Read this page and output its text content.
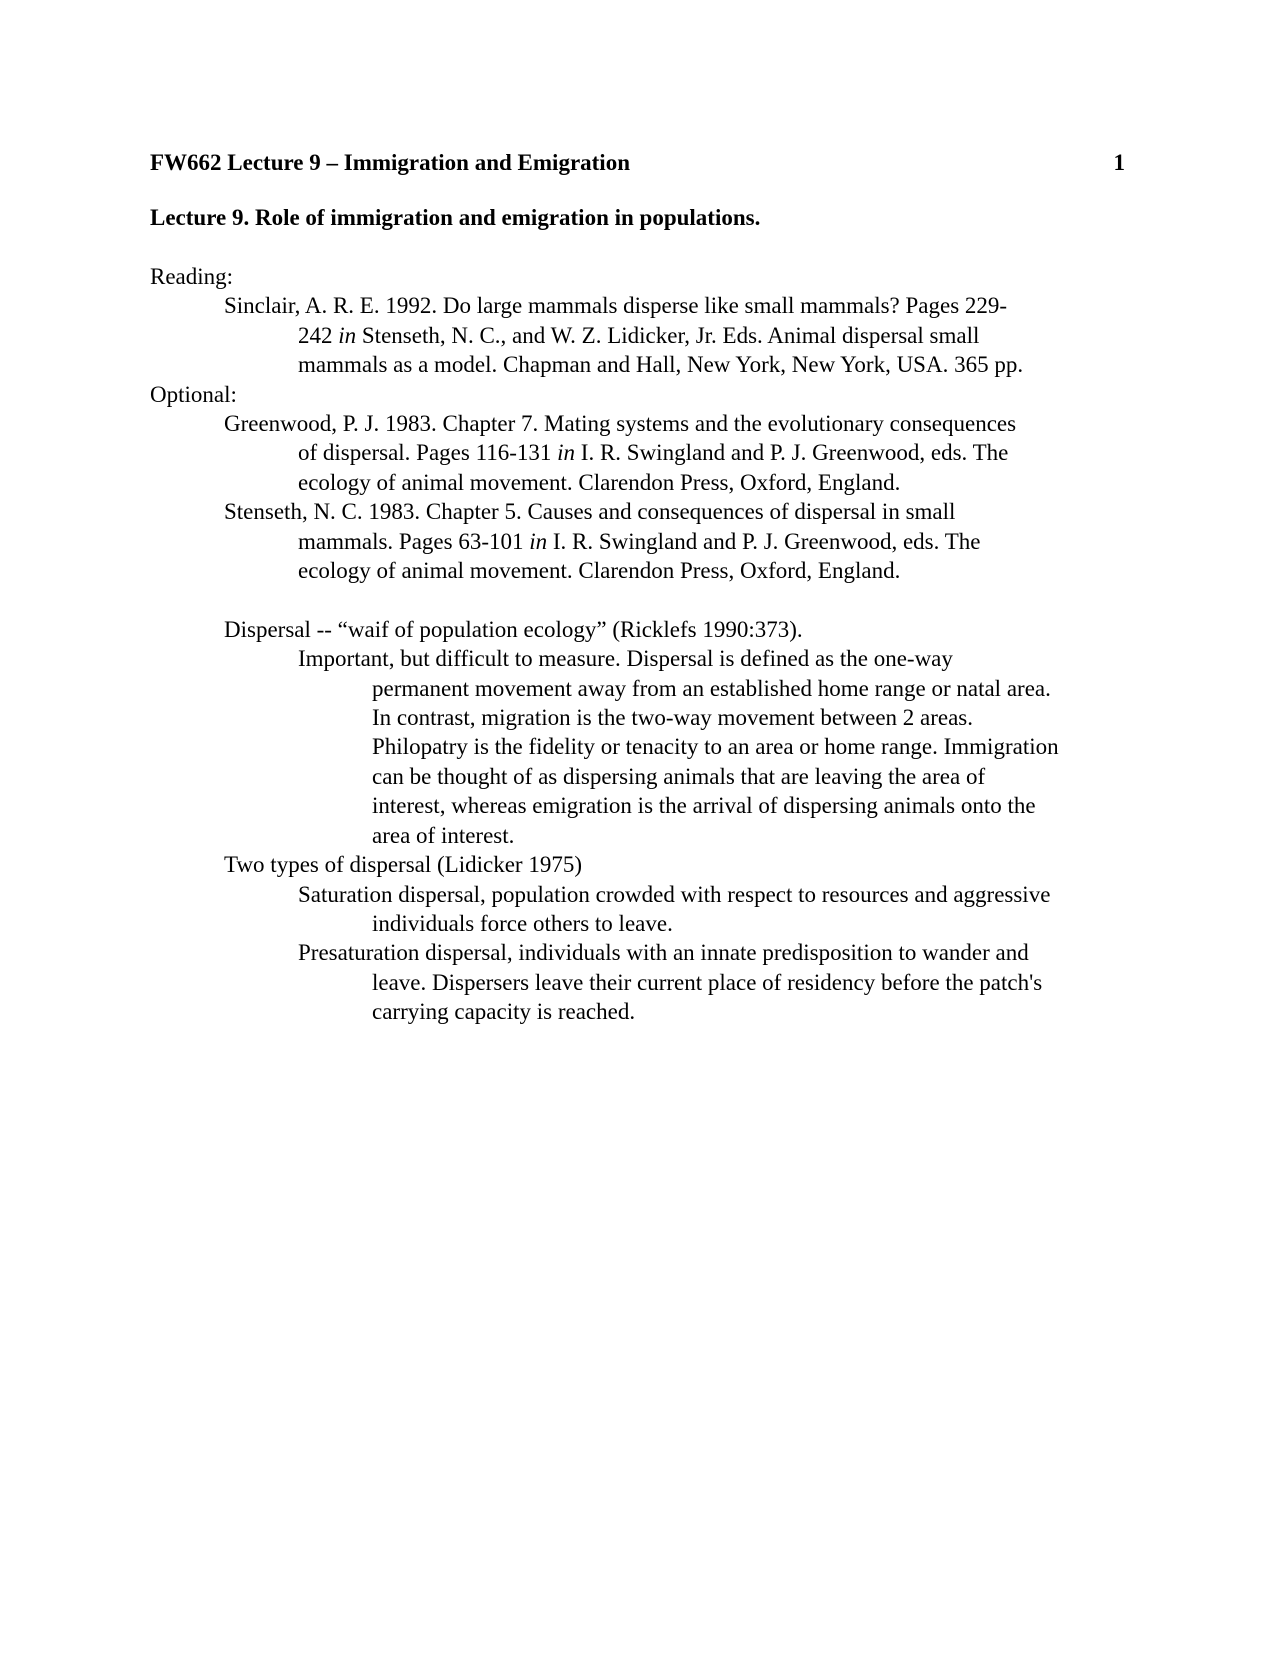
FW662 Lecture 9 – Immigration and Emigration	1
Lecture 9. Role of immigration and emigration in populations.
Reading:
Sinclair, A. R. E. 1992. Do large mammals disperse like small mammals? Pages 229-
242 in Stenseth, N. C., and W. Z. Lidicker, Jr. Eds. Animal dispersal small
mammals as a model. Chapman and Hall, New York, New York, USA. 365 pp.
Optional:
Greenwood, P. J. 1983. Chapter 7. Mating systems and the evolutionary consequences
of dispersal. Pages 116-131 in I. R. Swingland and P. J. Greenwood, eds. The
ecology of animal movement. Clarendon Press, Oxford, England.
Stenseth, N. C. 1983. Chapter 5. Causes and consequences of dispersal in small
mammals. Pages 63-101 in I. R. Swingland and P. J. Greenwood, eds. The
ecology of animal movement. Clarendon Press, Oxford, England.
Dispersal -- “waif of population ecology” (Ricklefs 1990:373).
Important, but difficult to measure. Dispersal is defined as the one-way
permanent movement away from an established home range or natal area.
In contrast, migration is the two-way movement between 2 areas.
Philopatry is the fidelity or tenacity to an area or home range. Immigration
can be thought of as dispersing animals that are leaving the area of
interest, whereas emigration is the arrival of dispersing animals onto the
area of interest.
Two types of dispersal (Lidicker 1975)
Saturation dispersal, population crowded with respect to resources and aggressive
individuals force others to leave.
Presaturation dispersal, individuals with an innate predisposition to wander and
leave. Dispersers leave their current place of residency before the patch's
carrying capacity is reached.
